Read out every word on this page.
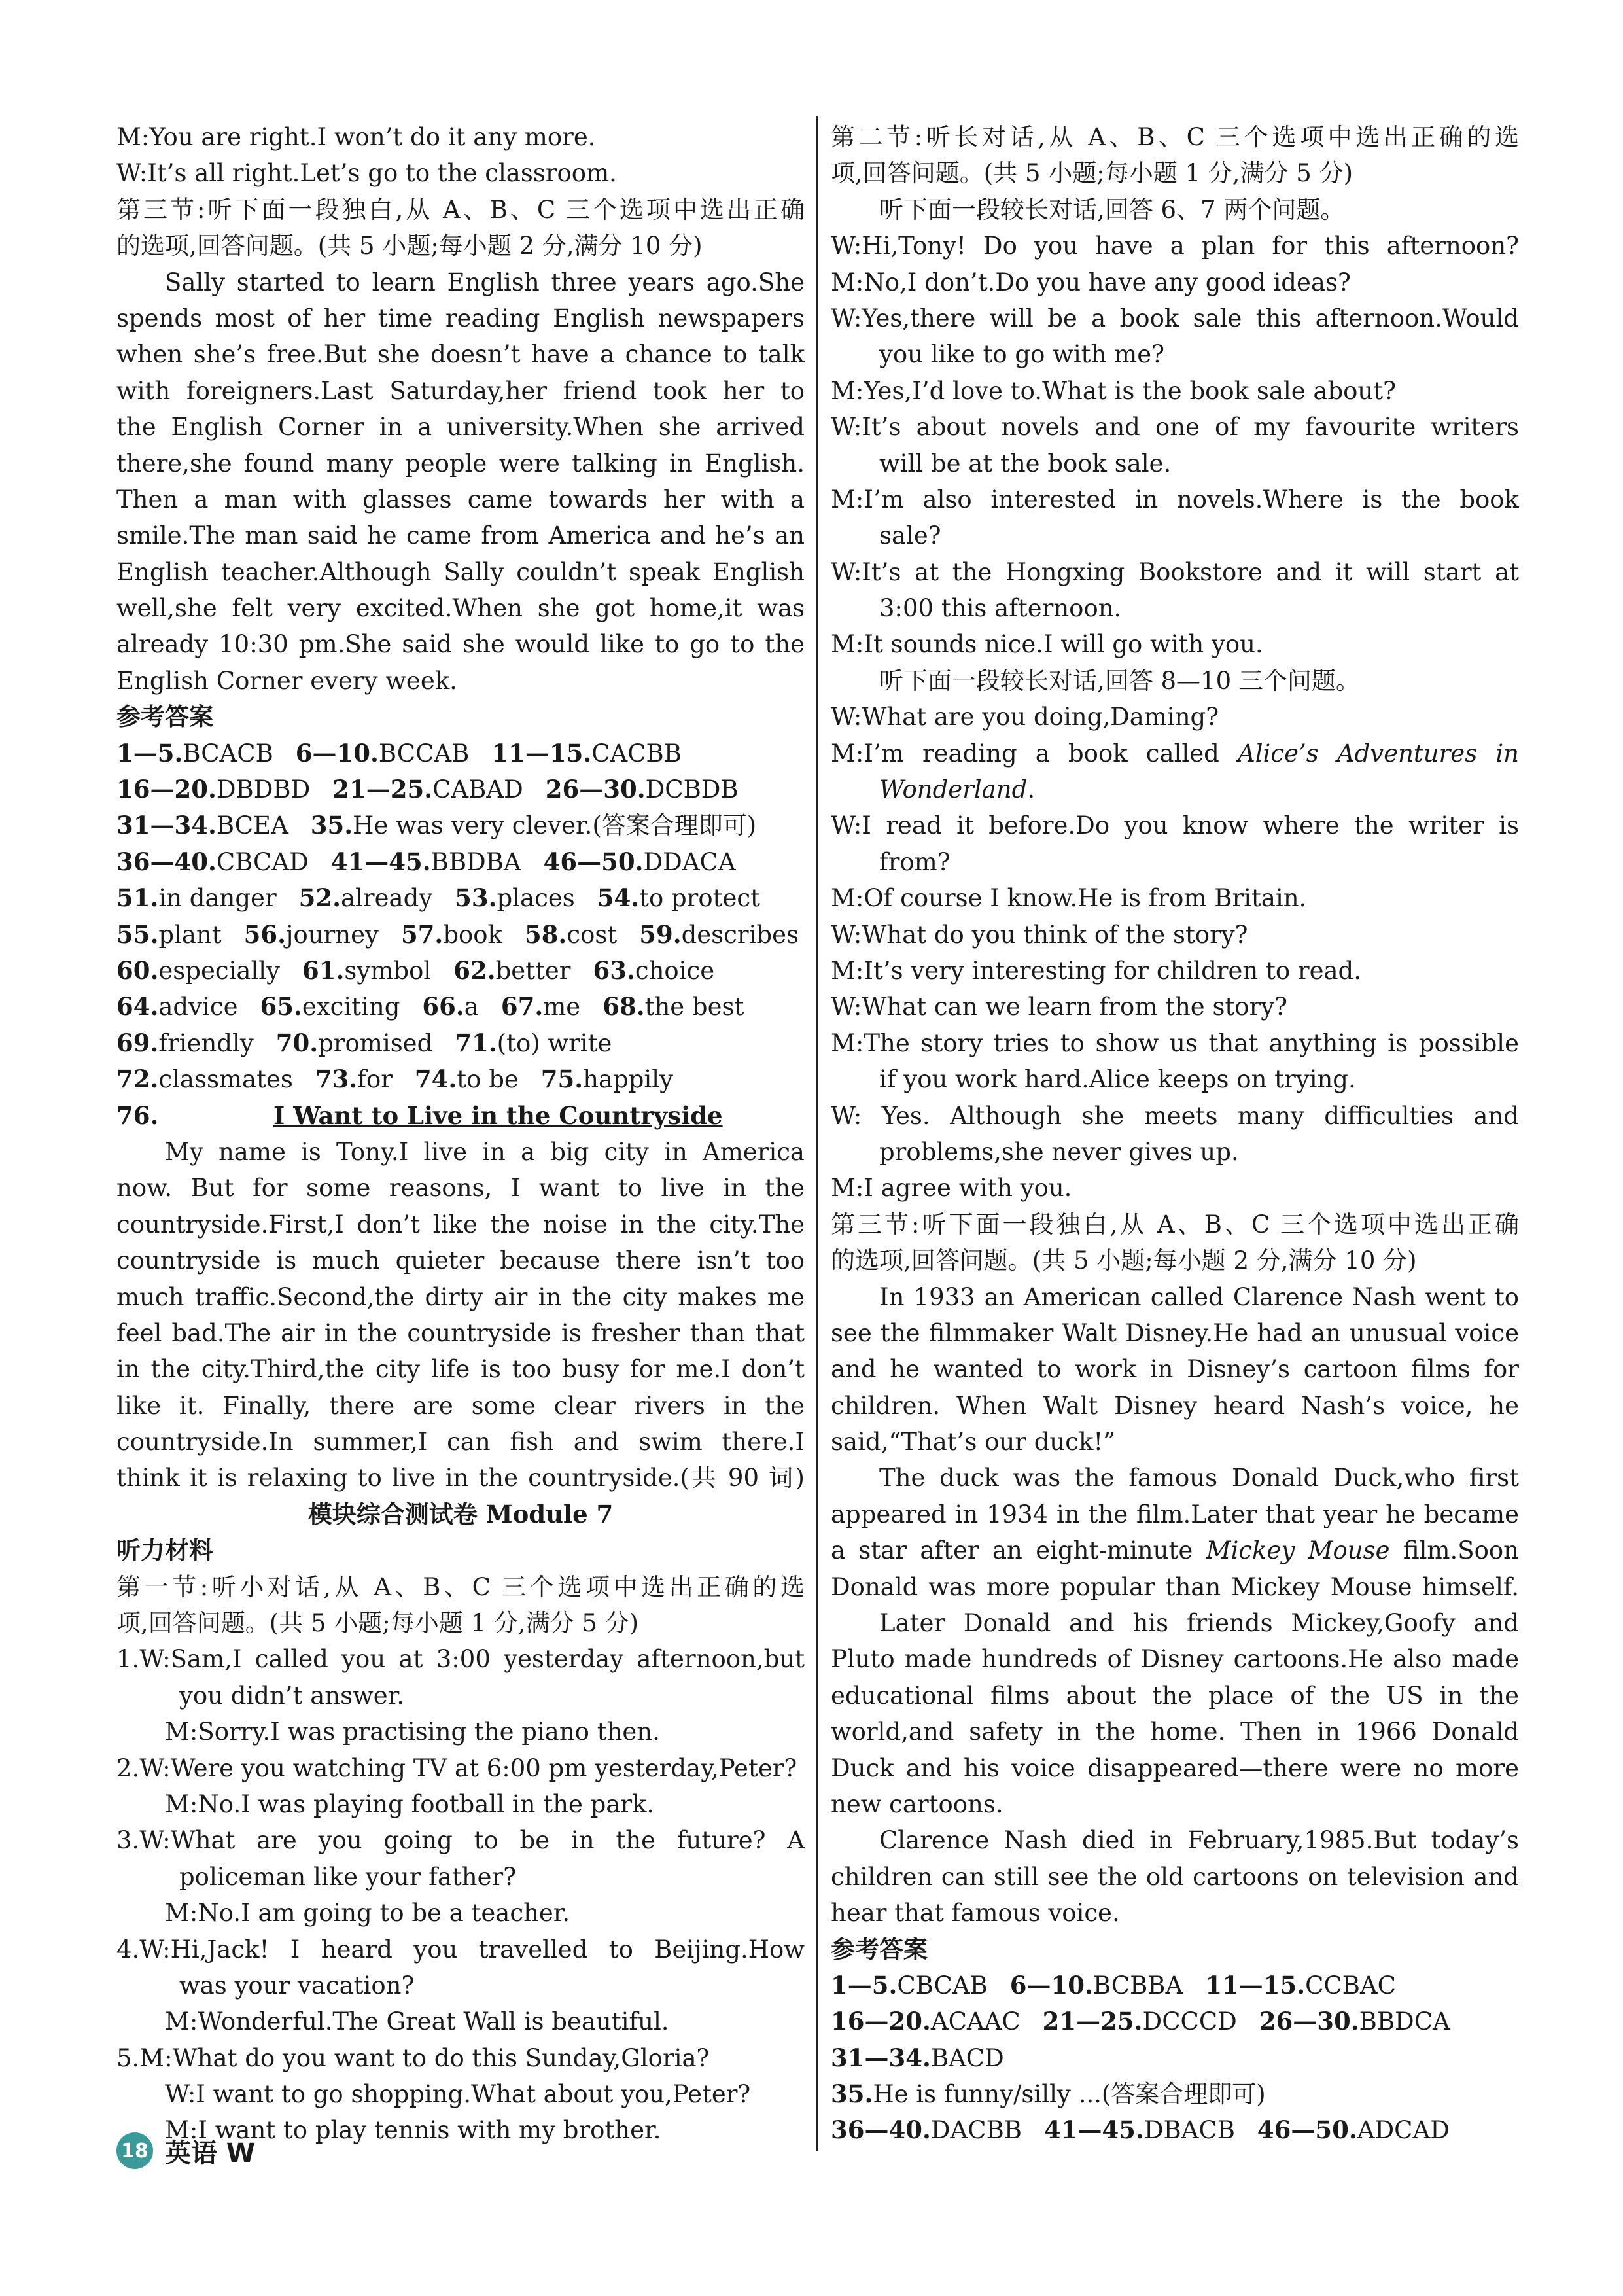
M:You are right.I won’t do it any more.
W:It’s all right.Let’s go to the classroom.
第三节:听下面一段独白,从 A、B、C 三个选项中选出正确
的选项,回答问题。(共 5 小题;每小题 2 分,满分 10 分)
Sally started to learn English three years ago.She
spends most of her time reading English newspapers
when she’s free.But she doesn’t have a chance to talk
with foreigners.Last Saturday,her friend took her to
the English Corner in a university.When she arrived
there,she found many people were talking in English.
Then a man with glasses came towards her with a
smile.The man said he came from America and he’s an
English teacher.Although Sally couldn’t speak English
well,she felt very excited.When she got home,it was
already 10:30 pm.She said she would like to go to the
English Corner every week.
参考答案
1—5.BCACB 6—10.BCCAB 11—15.CACBB
16—20.DBDBD 21—25.CABAD 26—30.DCBDB
31—34.BCEA 35.He was very clever.(答案合理即可)
36—40.CBCAD 41—45.BBDBA 46—50.DDACA
51.in danger 52.already 53.places 54.to protect
55.plant 56.journey 57.book 58.cost 59.describes
60.especially 61.symbol 62.better 63.choice
64.advice 65.exciting 66.a 67.me 68.the best
69.friendly 70.promised 71.(to) write
72.classmates 73.for 74.to be 75.happily
76.	I Want to Live in the Countryside
My name is Tony.I live in a big city in America
now. But for some reasons, I want to live in the
countryside.First,I don’t like the noise in the city.The
countryside is much quieter because there isn’t too
much traffic.Second,the dirty air in the city makes me
feel bad.The air in the countryside is fresher than that
in the city.Third,the city life is too busy for me.I don’t
like it. Finally, there are some clear rivers in the
countryside.In summer,I can fish and swim there.I
think it is relaxing to live in the countryside.(共 90 词)
模块综合测试卷 Module 7
听力材料
第一节:听小对话,从 A、B、C 三个选项中选出正确的选
项,回答问题。(共 5 小题;每小题 1 分,满分 5 分)
1.W:Sam,I called you at 3:00 yesterday afternoon,but
you didn’t answer.
M:Sorry.I was practising the piano then.
2.W:Were you watching TV at 6:00 pm yesterday,Peter?
M:No.I was playing football in the park.
3.W:What are you going to be in the future? A
policeman like your father?
M:No.I am going to be a teacher.
4.W:Hi,Jack! I heard you travelled to Beijing.How
was your vacation?
M:Wonderful.The Great Wall is beautiful.
5.M:What do you want to do this Sunday,Gloria?
W:I want to go shopping.What about you,Peter?
M:I want to play tennis with my brother.
第二节:听长对话,从 A、B、C 三个选项中选出正确的选
项,回答问题。(共 5 小题;每小题 1 分,满分 5 分)
听下面一段较长对话,回答 6、7 两个问题。
W:Hi,Tony! Do you have a plan for this afternoon?
M:No,I don’t.Do you have any good ideas?
W:Yes,there will be a book sale this afternoon.Would
you like to go with me?
M:Yes,I’d love to.What is the book sale about?
W:It’s about novels and one of my favourite writers
will be at the book sale.
M:I’m also interested in novels.Where is the book
sale?
W:It’s at the Hongxing Bookstore and it will start at
3:00 this afternoon.
M:It sounds nice.I will go with you.
听下面一段较长对话,回答 8—10 三个问题。
W:What are you doing,Daming?
M:I’m reading a book called Alice’s Adventures in
Wonderland.
W:I read it before.Do you know where the writer is
from?
M:Of course I know.He is from Britain.
W:What do you think of the story?
M:It’s very interesting for children to read.
W:What can we learn from the story?
M:The story tries to show us that anything is possible
if you work hard.Alice keeps on trying.
W: Yes. Although she meets many difficulties and
problems,she never gives up.
M:I agree with you.
第三节:听下面一段独白,从 A、B、C 三个选项中选出正确
的选项,回答问题。(共 5 小题;每小题 2 分,满分 10 分)
In 1933 an American called Clarence Nash went to
see the filmmaker Walt Disney.He had an unusual voice
and he wanted to work in Disney’s cartoon films for
children. When Walt Disney heard Nash’s voice, he
said,“That’s our duck!”
The duck was the famous Donald Duck,who first
appeared in 1934 in the film.Later that year he became
a star after an eight-minute Mickey Mouse film.Soon
Donald was more popular than Mickey Mouse himself.
Later Donald and his friends Mickey,Goofy and
Pluto made hundreds of Disney cartoons.He also made
educational films about the place of the US in the
world,and safety in the home. Then in 1966 Donald
Duck and his voice disappeared—there were no more
new cartoons.
Clarence Nash died in February,1985.But today’s
children can still see the old cartoons on television and
hear that famous voice.
参考答案
1—5.CBCAB 6—10.BCBBA 11—15.CCBAC
16—20.ACAAC 21—25.DCCCD 26—30.BBDCA
31—34.BACD
35.He is funny/silly ...(答案合理即可)
36—40.DACBB 41—45.DBACB 46—50.ADCAD
18 英语 W
